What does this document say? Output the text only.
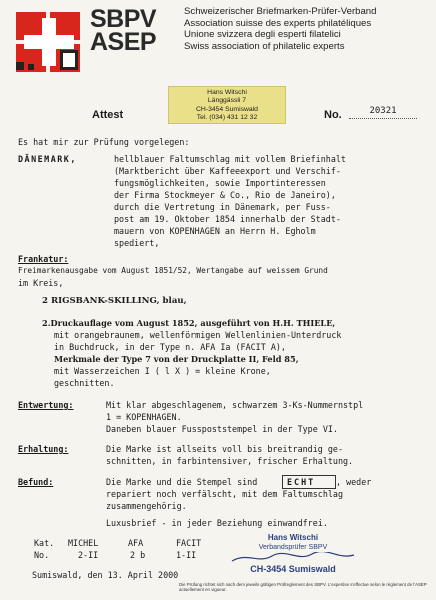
SBPV
ASEP
Schweizerischer Briefmarken-Prüfer-Verband
Association suisse des experts philatéliques
Unione svizzera degli esperti filatelici
Swiss association of philatelic experts
Attest
Hans Witschi
Länggässli 7
CH-3454 Sumiswald
Tel. (034) 431 12 32	No.	20321
Es hat mir zur Prüfung vorgelegen:
DÄNEMARK,	hellblauer Faltumschlag mit vollem Briefinhalt
(Marktbericht über Kaffeeexport und Verschif-
fungsmöglichkeiten, sowie Importinteressen
der Firma Stockmeyer & Co., Rio de Janeiro),
durch die Vertretung in Dänemark, per Fuss-
post am 19. Oktober 1854 innerhalb der Stadt-
mauern von KOPENHAGEN an Herrn H. Egholm
spediert,
Frankatur:
Freimarkenausgabe vom August 1851/52, Wertangabe auf weissem Grund
im Kreis,
2 RIGSBANK-SKILLING, blau,
2.Druckauflage vom August 1852, ausgeführt von H.H. THIELE,
mit orangebraunem, wellenförmigen Wellenlinien-Unterdruck
in Buchdruck, in der Type n. AFA Ia (FACIT A),
Merkmale der Type 7 von der Druckplatte II, Feld 85,
mit Wasserzeichen I ( l X ) = kleine Krone,
geschnitten.
Entwertung:	Mit klar abgeschlagenem, schwarzem 3-Ks-Nummernstpl
1 = KOPENHAGEN.
Daneben blauer Fusspoststempel in der Type VI.
Erhaltung:	Die Marke ist allseits voll bis breitrandig ge-
schnitten, in farbintensiver, frischer Erhaltung.
Befund:	Die Marke und die Stempel sind	ECHT , weder
repariert noch verfälscht, mit dem Faltumschlag
zusammengehörig.
Luxusbrief - in jeder Beziehung einwandfrei.
Kat. MICHEL	AFA	FACIT
No.	2-II	2 b	1-II
Sumiswald, den 13. April 2000
Hans Witschi
Verbandsprüfer SBPV
CH-3454 Sumiswald
Die Prüfung richtet sich nach dem jeweils gültigen Prüfreglement des SBPV. L'expertise s'effectue selon le règlement de l'ASEP actuellement en vigueur.
